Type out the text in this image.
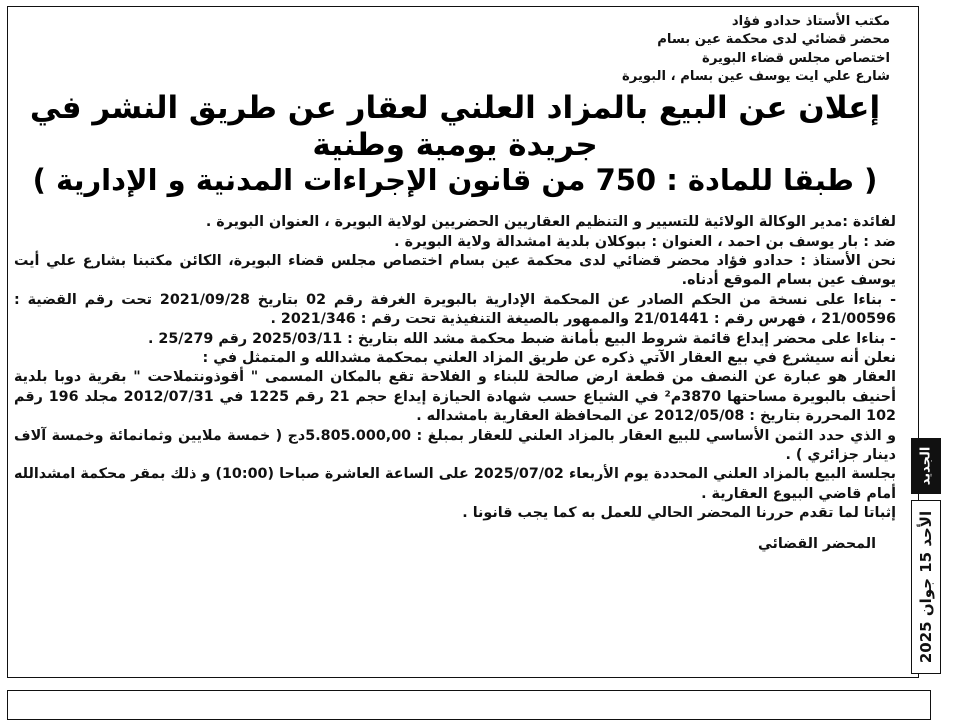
مكتب الأستاذ حدادو فؤاد
محضر قضائي لدى محكمة عين بسام
اختصاص مجلس قضاء البويرة
شارع علي ايت يوسف عين بسام ، البويرة
إعلان عن البيع بالمزاد العلني لعقار عن طريق النشر في
جريدة يومية وطنية
( طبقا للمادة : 750 من قانون الإجراءات المدنية و الإدارية )

لفائدة :مدير الوكالة الولائية للتسيير و التنظيم العقاريين الحضريين لولاية البويرة ، العنوان البويرة .

ضد : بار يوسف بن احمد ، العنوان : ببوكلان بلدية امشدالة ولاية البويرة .

نحن الأستاذ : حدادو فؤاد محضر قضائي لدى محكمة عين بسام اختصاص مجلس قضاء البويرة، الكائن مكتبنا بشارع علي أيت يوسف عين بسام الموقع أدناه.

- بناءا على نسخة من الحكم الصادر عن المحكمة الإدارية بالبويرة الغرفة رقم 02 بتاريخ 2021/09/28 تحت رقم القضية : 21/00596 ، فهرس رقم : 21/01441 والممهور بالصيغة التنفيذية تحت رقم : 2021/346 .

- بناءا على محضر إيداع قائمة شروط البيع بأمانة ضبط محكمة مشد الله بتاريخ : 2025/03/11 رقم 25/279 .

نعلن أنه سيشرع في بيع العقار الآتي ذكره عن طريق المزاد العلني بمحكمة مشدالله و المتمثل في :

العقار هو عبارة عن النصف من قطعة ارض صالحة للبناء و الفلاحة تقع بالمكان المسمى " أقوذونتملاحت " بقرية دوبا بلدية أحنيف بالبويرة مساحتها 3870م² في الشياع حسب شهادة الحيازة إيداع حجم 21 رقم 1225 في 2012/07/31 مجلد 196 رقم 102 المحررة بتاريخ : 2012/05/08 عن المحافظة العقارية بامشداله .

و الذي حدد الثمن الأساسي للبيع العقار بالمزاد العلني للعقار بمبلغ : 5.805.000,00دج ( خمسة ملايين وثمانمائة وخمسة آلاف دينار جزائري ) .

بجلسة البيع بالمزاد العلني المحددة يوم الأربعاء 2025/07/02 على الساعة العاشرة صباحا (10:00) و ذلك بمقر محكمة امشدالله أمام قاضي البيوع العقارية .

إثباتا لما تقدم حررنا المحضر الحالي للعمل به كما يجب قانونا .

المحضر القضائي
الجديد
الأحد 15 جوان 2025
